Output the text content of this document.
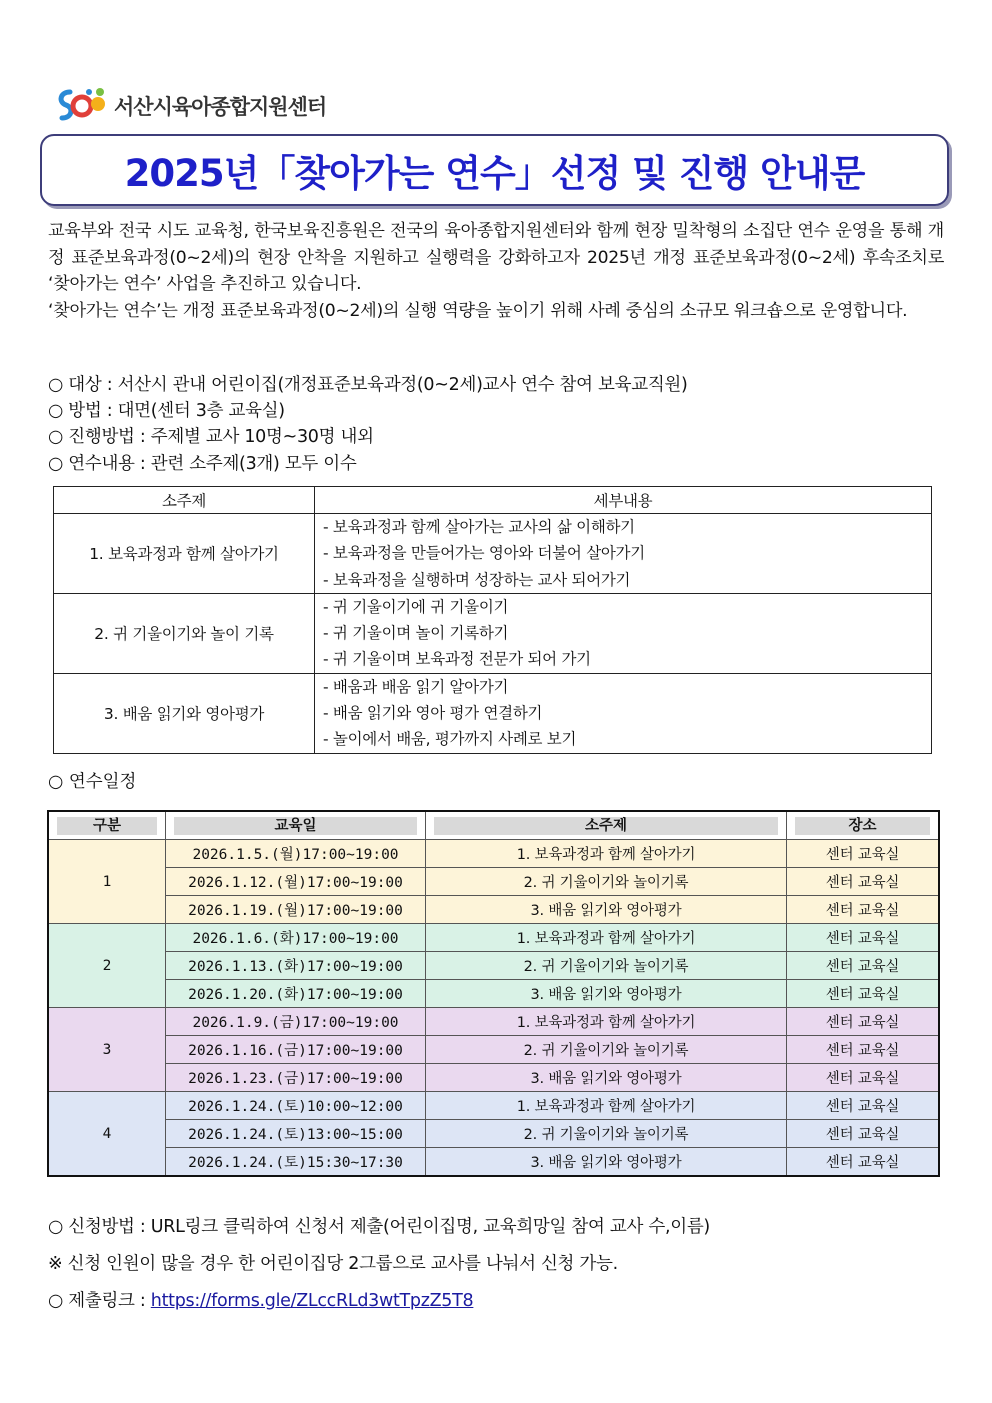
서산시육아종합지원센터
2025년「찾아가는 연수」선정 및 진행 안내문

교육부와 전국 시도 교육청, 한국보육진흥원은 전국의 육아종합지원센터와 함께 현장 밀착형의 소집단 연수 운영을 통해 개정 표준보육과정(0~2세)의 현장 안착을 지원하고 실행력을 강화하고자 2025년 개정 표준보육과정(0~2세) 후속조치로 ‘찾아가는 연수’ 사업을 추진하고 있습니다.

‘찾아가는 연수’는 개정 표준보육과정(0~2세)의 실행 역량을 높이기 위해 사례 중심의 소규모 워크숍으로 운영합니다.

○ 대상 : 서산시 관내 어린이집(개정표준보육과정(0~2세)교사 연수 참여 보육교직원)
○ 방법 : 대면(센터 3층 교육실)
○ 진행방법 : 주제별 교사 10명~30명 내외
○ 연수내용 : 관련 소주제(3개) 모두 이수
소주제	세부내용
1. 보육과정과 함께 살아가기	- 보육과정과 함께 살아가는 교사의 삶 이해하기
- 보육과정을 만들어가는 영아와 더불어 살아가기
- 보육과정을 실행하며 성장하는 교사 되어가기

2. 귀 기울이기와 놀이 기록	- 귀 기울이기에 귀 기울이기
- 귀 기울이며 놀이 기록하기
- 귀 기울이며 보육과정 전문가 되어 가기

3. 배움 읽기와 영아평가	- 배움과 배움 읽기 알아가기
- 배움 읽기와 영아 평가 연결하기
- 놀이에서 배움, 평가까지 사례로 보기
○ 연수일정
구분	교육일	소주제	장소

1	2026.1.5.(월)17:00~19:00	1. 보육과정과 함께 살아가기	센터 교육실
	2026.1.12.(월)17:00~19:00	2. 귀 기울이기와 놀이기록	센터 교육실
	2026.1.19.(월)17:00~19:00	3. 배움 읽기와 영아평가	센터 교육실
2	2026.1.6.(화)17:00~19:00	1. 보육과정과 함께 살아가기	센터 교육실
	2026.1.13.(화)17:00~19:00	2. 귀 기울이기와 놀이기록	센터 교육실
	2026.1.20.(화)17:00~19:00	3. 배움 읽기와 영아평가	센터 교육실
3	2026.1.9.(금)17:00~19:00	1. 보육과정과 함께 살아가기	센터 교육실
	2026.1.16.(금)17:00~19:00	2. 귀 기울이기와 놀이기록	센터 교육실
	2026.1.23.(금)17:00~19:00	3. 배움 읽기와 영아평가	센터 교육실
4	2026.1.24.(토)10:00~12:00	1. 보육과정과 함께 살아가기	센터 교육실
	2026.1.24.(토)13:00~15:00	2. 귀 기울이기와 놀이기록	센터 교육실
	2026.1.24.(토)15:30~17:30	3. 배움 읽기와 영아평가	센터 교육실
○ 신청방법 : URL링크 클릭하여 신청서 제출(어린이집명, 교육희망일 참여 교사 수,이름)
※ 신청 인원이 많을 경우 한 어린이집당 2그룹으로 교사를 나눠서 신청 가능.
○ 제출링크 : https://forms.gle/ZLccRLd3wtTpzZ5T8
